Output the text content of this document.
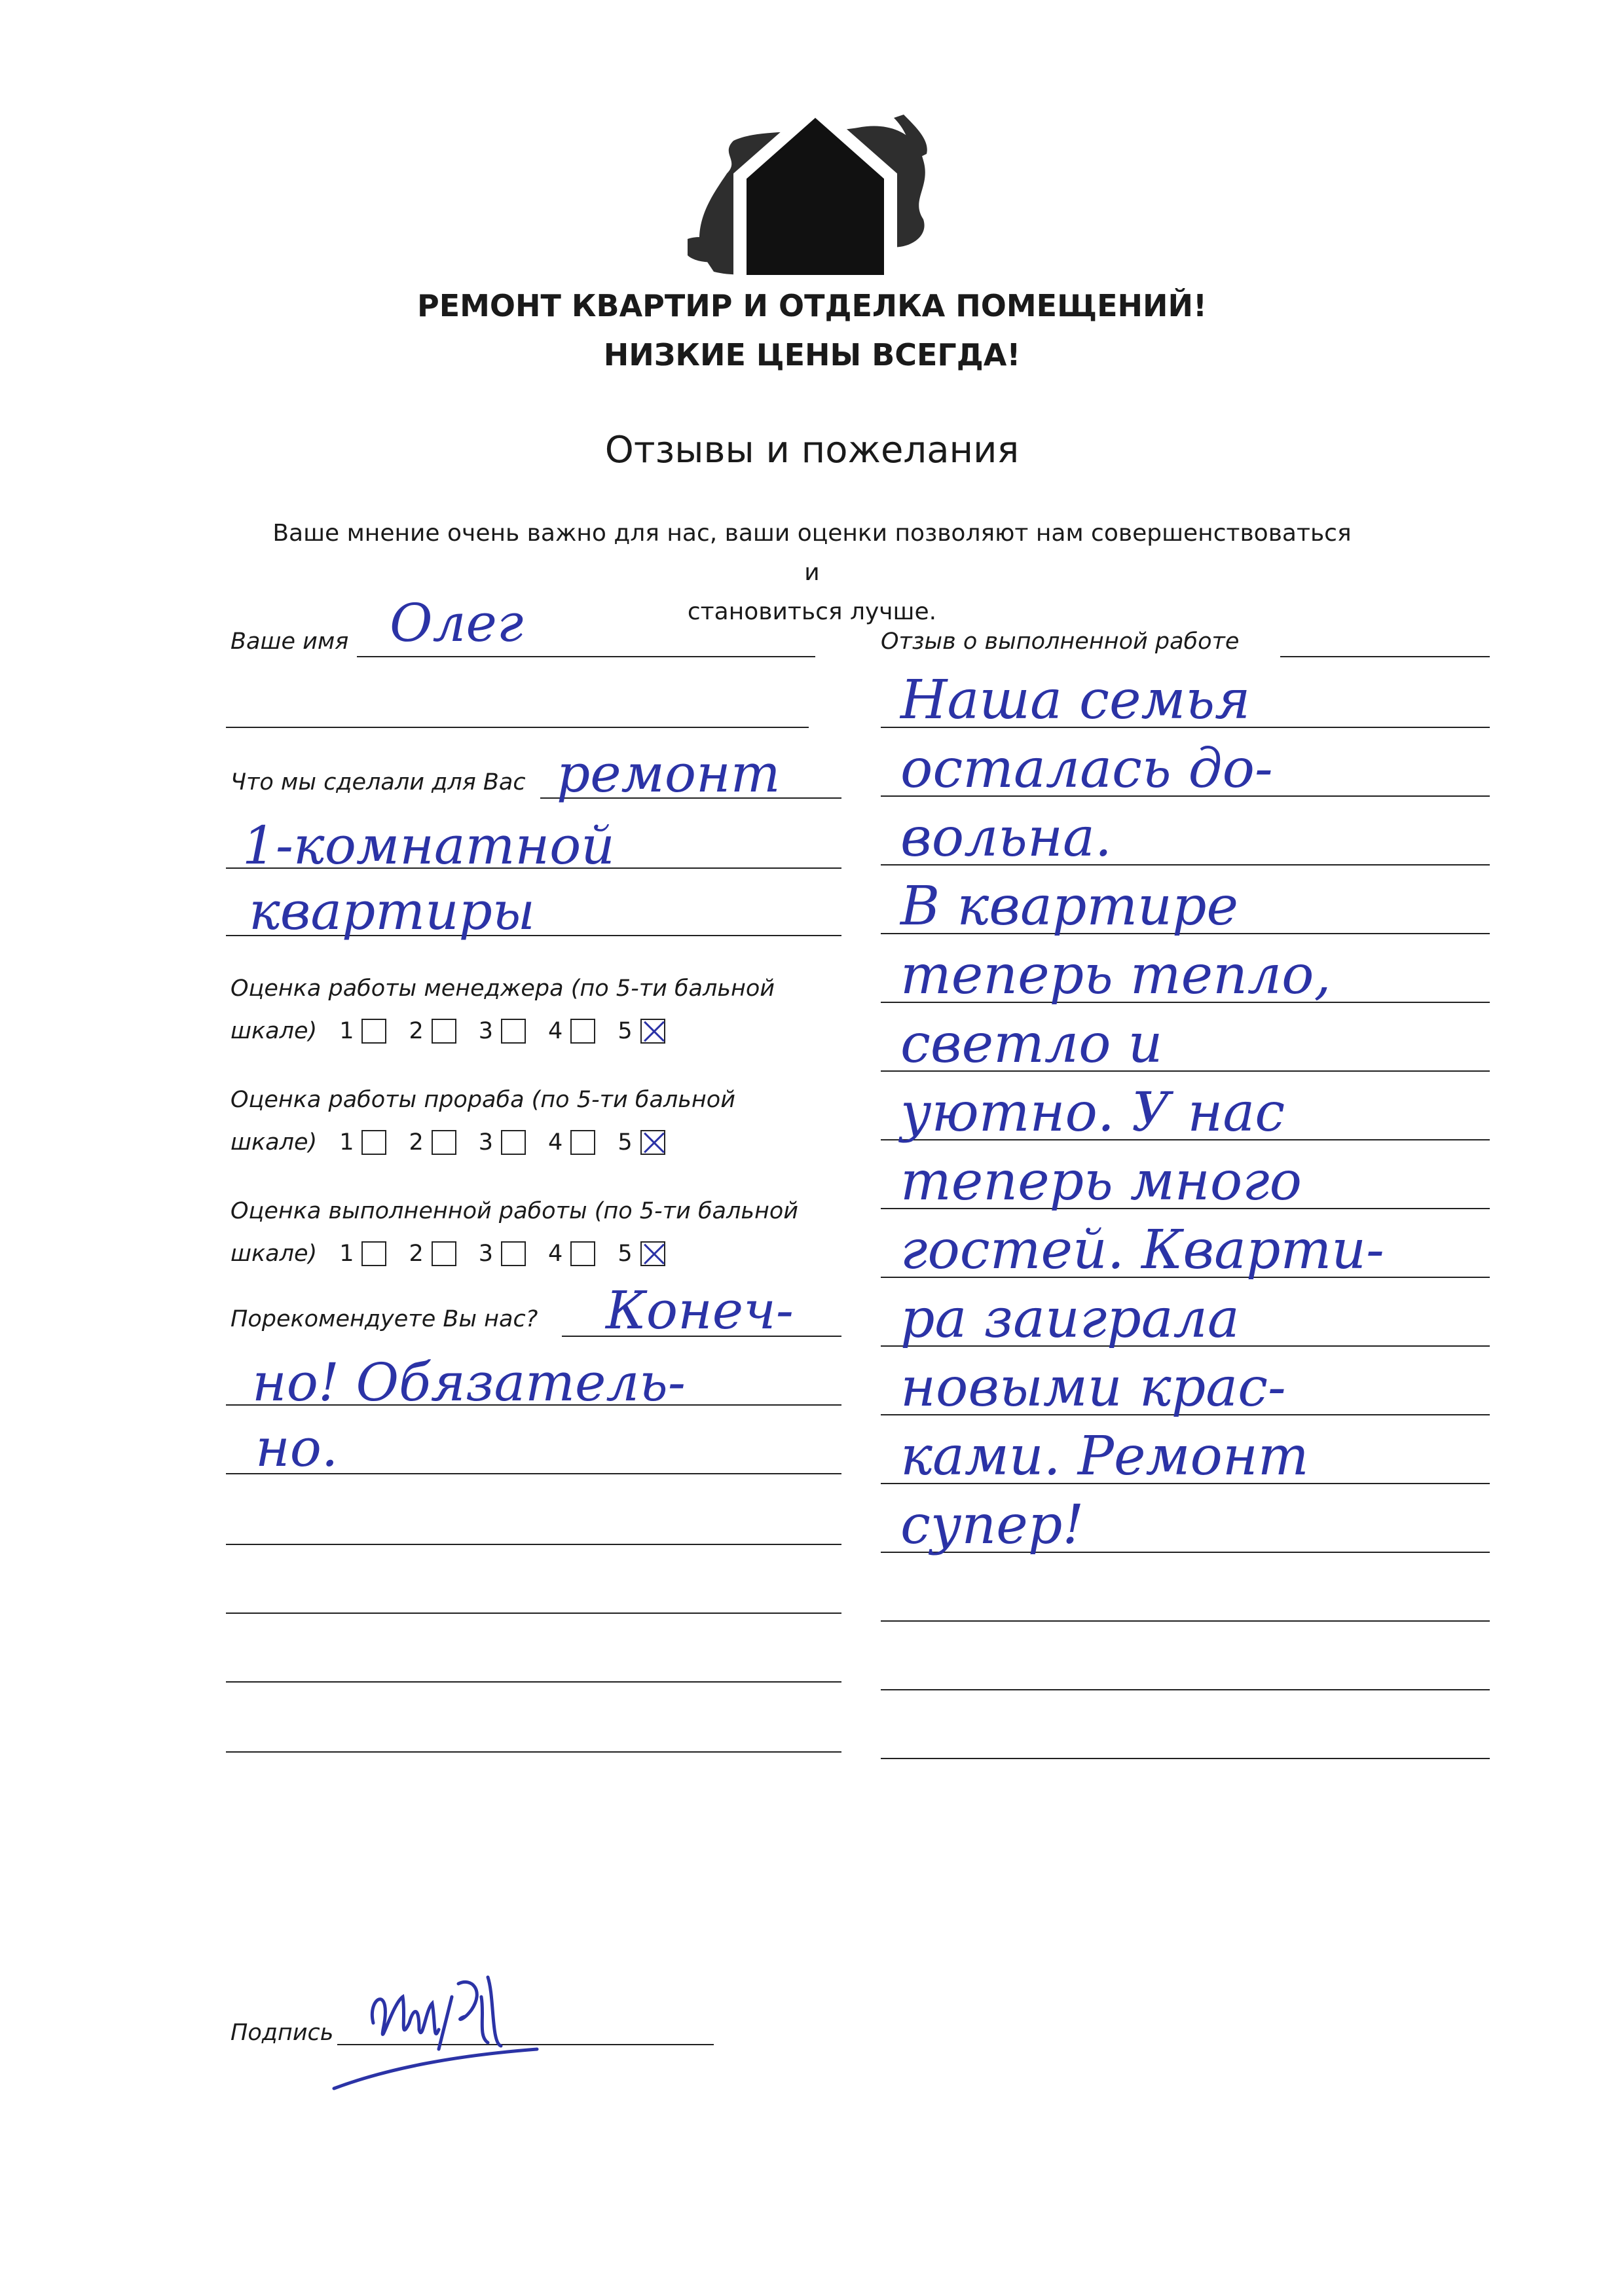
РЕМОНТ КВАРТИР И ОТДЕЛКА ПОМЕЩЕНИЙ!
НИЗКИЕ ЦЕНЫ ВСЕГДА!
Отзывы и пожелания
Ваше мнение очень важно для нас, ваши оценки позволяют нам совершенствоваться и
становиться лучше.
Ваше имя Олег
Что мы сделали для Вас ремонт
1-комнатной
квартиры
Оценка работы менеджера (по 5-ти бальной
шкале) 1 2 3 4 5
Оценка работы прораба (по 5-ти бальной
шкале) 1 2 3 4 5
Оценка выполненной работы (по 5-ти бальной
шкале) 1 2 3 4 5
Порекомендуете Вы нас? Конеч-
но! Обязатель-
но.
Отзыв о выполненной работе
Наша семья
осталась до-
вольна.
В квартире
теперь тепло,
светло и
уютно. У нас
теперь много
гостей. Кварти-
ра заиграла
новыми крас-
ками. Ремонт
супер!
Подпись
